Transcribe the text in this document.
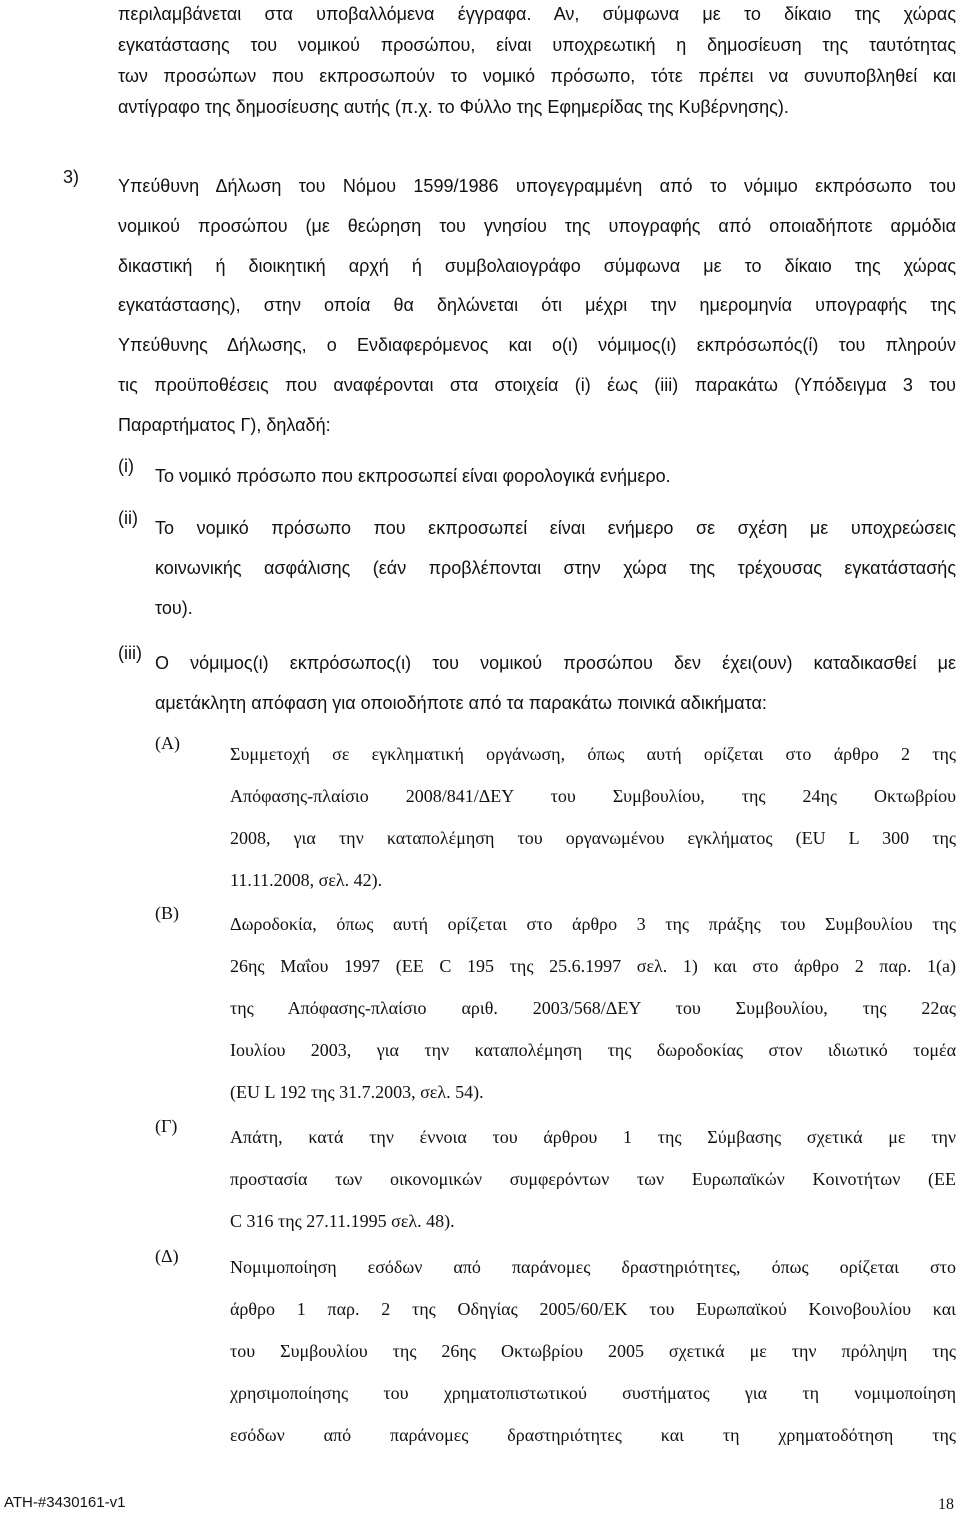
περιλαμβάνεται στα υποβαλλόμενα έγγραφα. Αν, σύμφωνα με το δίκαιο της χώρας
εγκατάστασης του νομικού προσώπου, είναι υποχρεωτική η δημοσίευση της ταυτότητας
των προσώπων που εκπροσωπούν το νομικό πρόσωπο, τότε πρέπει να συνυποβληθεί και
αντίγραφο της δημοσίευσης αυτής (π.χ. το Φύλλο της Εφημερίδας της Κυβέρνησης).
3)	Υπεύθυνη Δήλωση του Νόμου 1599/1986 υπογεγραμμένη από το νόμιμο εκπρόσωπο του
νομικού προσώπου (με θεώρηση του γνησίου της υπογραφής από οποιαδήποτε αρμόδια
δικαστική ή διοικητική αρχή ή συμβολαιογράφο σύμφωνα με το δίκαιο της χώρας
εγκατάστασης), στην οποία θα δηλώνεται ότι μέχρι την ημερομηνία υπογραφής της
Υπεύθυνης Δήλωσης, ο Ενδιαφερόμενος και ο(ι) νόμιμος(ι) εκπρόσωπός(ί) του πληρούν
τις προϋποθέσεις που αναφέρονται στα στοιχεία (i) έως (iii) παρακάτω (Υπόδειγμα 3 του
Παραρτήματος Γ), δηλαδή:
(i) Το νομικό πρόσωπο που εκπροσωπεί είναι φορολογικά ενήμερο.
(ii) Το νομικό πρόσωπο που εκπροσωπεί είναι ενήμερο σε σχέση με υποχρεώσεις
κοινωνικής ασφάλισης (εάν προβλέπονται στην χώρα της τρέχουσας εγκατάστασής
του).
(iii) Ο νόμιμος(ι) εκπρόσωπος(ι) του νομικού προσώπου δεν έχει(ουν) καταδικασθεί με
αμετάκλητη απόφαση για οποιοδήποτε από τα παρακάτω ποινικά αδικήματα:
(Α)
Συμμετοχή σε εγκληματική οργάνωση, όπως αυτή ορίζεται στο άρθρο 2 της
Απόφασης-πλαίσιο 2008/841/ΔΕΥ του Συμβουλίου, της 24ης Οκτωβρίου
2008, για την καταπολέμηση του οργανωμένου εγκλήματος (EU L 300 της
11.11.2008, σελ. 42).
(Β)
Δωροδοκία, όπως αυτή ορίζεται στο άρθρο 3 της πράξης του Συμβουλίου της
26ης Μαΐου 1997 (ΕΕ C 195 της 25.6.1997 σελ. 1) και στο άρθρο 2 παρ. 1(a)
της Απόφασης-πλαίσιο αριθ. 2003/568/ΔΕΥ του Συμβουλίου, της 22ας
Ιουλίου 2003, για την καταπολέμηση της δωροδοκίας στον ιδιωτικό τομέα
(EU L 192 της 31.7.2003, σελ. 54).
(Γ)
Απάτη, κατά την έννοια του άρθρου 1 της Σύμβασης σχετικά με την
προστασία των οικονομικών συμφερόντων των Ευρωπαϊκών Κοινοτήτων (ΕΕ
C 316 της 27.11.1995 σελ. 48).
(Δ)
Νομιμοποίηση εσόδων από παράνομες δραστηριότητες, όπως ορίζεται στο
άρθρο 1 παρ. 2 της Οδηγίας 2005/60/ΕΚ του Ευρωπαϊκού Κοινοβουλίου και
του Συμβουλίου της 26ης Οκτωβρίου 2005 σχετικά με την πρόληψη της
χρησιμοποίησης του χρηματοπιστωτικού συστήματος για τη νομιμοποίηση
εσόδων από παράνομες δραστηριότητες και τη χρηματοδότηση της
ATH-#3430161-v1	18
